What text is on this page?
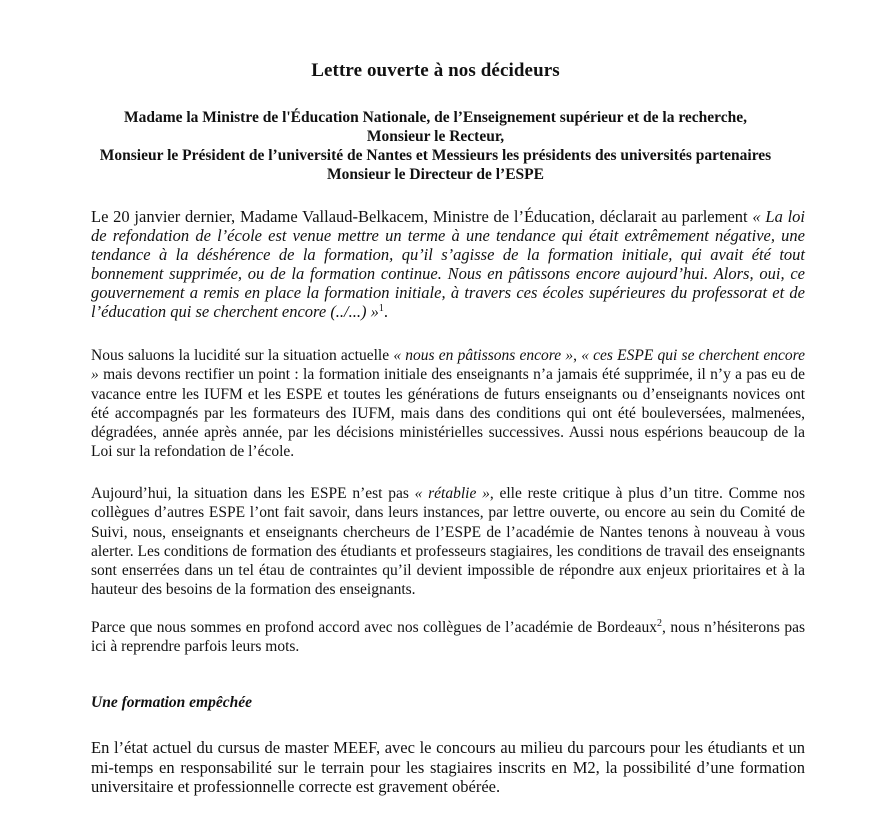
Lettre ouverte à nos décideurs
Madame la Ministre de l'Éducation Nationale, de l’Enseignement supérieur et de la recherche,
Monsieur le Recteur,
Monsieur le Président de l’université de Nantes et Messieurs les présidents des universités partenaires
Monsieur le Directeur de l’ESPE
Le 20 janvier dernier, Madame Vallaud-Belkacem, Ministre de l’Éducation, déclarait au parlement « La loi de refondation de l’école est venue mettre un terme à une tendance qui était extrêmement négative, une tendance à la déshérence de la formation, qu’il s’agisse de la formation initiale, qui avait été tout bonnement supprimée, ou de la formation continue. Nous en pâtissons encore aujourd’hui. Alors, oui, ce gouvernement a remis en place la formation initiale, à travers ces écoles supérieures du professorat et de l’éducation qui se cherchent encore (../...) »$^1$.
Nous saluons la lucidité sur la situation actuelle « nous en pâtissons encore », « ces ESPE qui se cherchent encore » mais devons rectifier un point : la formation initiale des enseignants n’a jamais été supprimée, il n’y a pas eu de vacance entre les IUFM et les ESPE et toutes les générations de futurs enseignants ou d’enseignants novices ont été accompagnés par les formateurs des IUFM, mais dans des conditions qui ont été bouleversées, malmenées, dégradées, année après année, par les décisions ministérielles successives. Aussi nous espérions beaucoup de la Loi sur la refondation de l’école.
Aujourd’hui, la situation dans les ESPE n’est pas « rétablie », elle reste critique à plus d’un titre. Comme nos collègues d’autres ESPE l’ont fait savoir, dans leurs instances, par lettre ouverte, ou encore au sein du Comité de Suivi, nous, enseignants et enseignants chercheurs de l’ESPE de l’académie de Nantes tenons à nouveau à vous alerter. Les conditions de formation des étudiants et professeurs stagiaires, les conditions de travail des enseignants sont enserrées dans un tel étau de contraintes qu’il devient impossible de répondre aux enjeux prioritaires et à la hauteur des besoins de la formation des enseignants.
Parce que nous sommes en profond accord avec nos collègues de l’académie de Bordeaux$^2$, nous n’hésiterons pas ici à reprendre parfois leurs mots.
Une formation empêchée
En l’état actuel du cursus de master MEEF, avec le concours au milieu du parcours pour les étudiants et un mi-temps en responsabilité sur le terrain pour les stagiaires inscrits en M2, la possibilité d’une formation universitaire et professionnelle correcte est gravement obérée.
